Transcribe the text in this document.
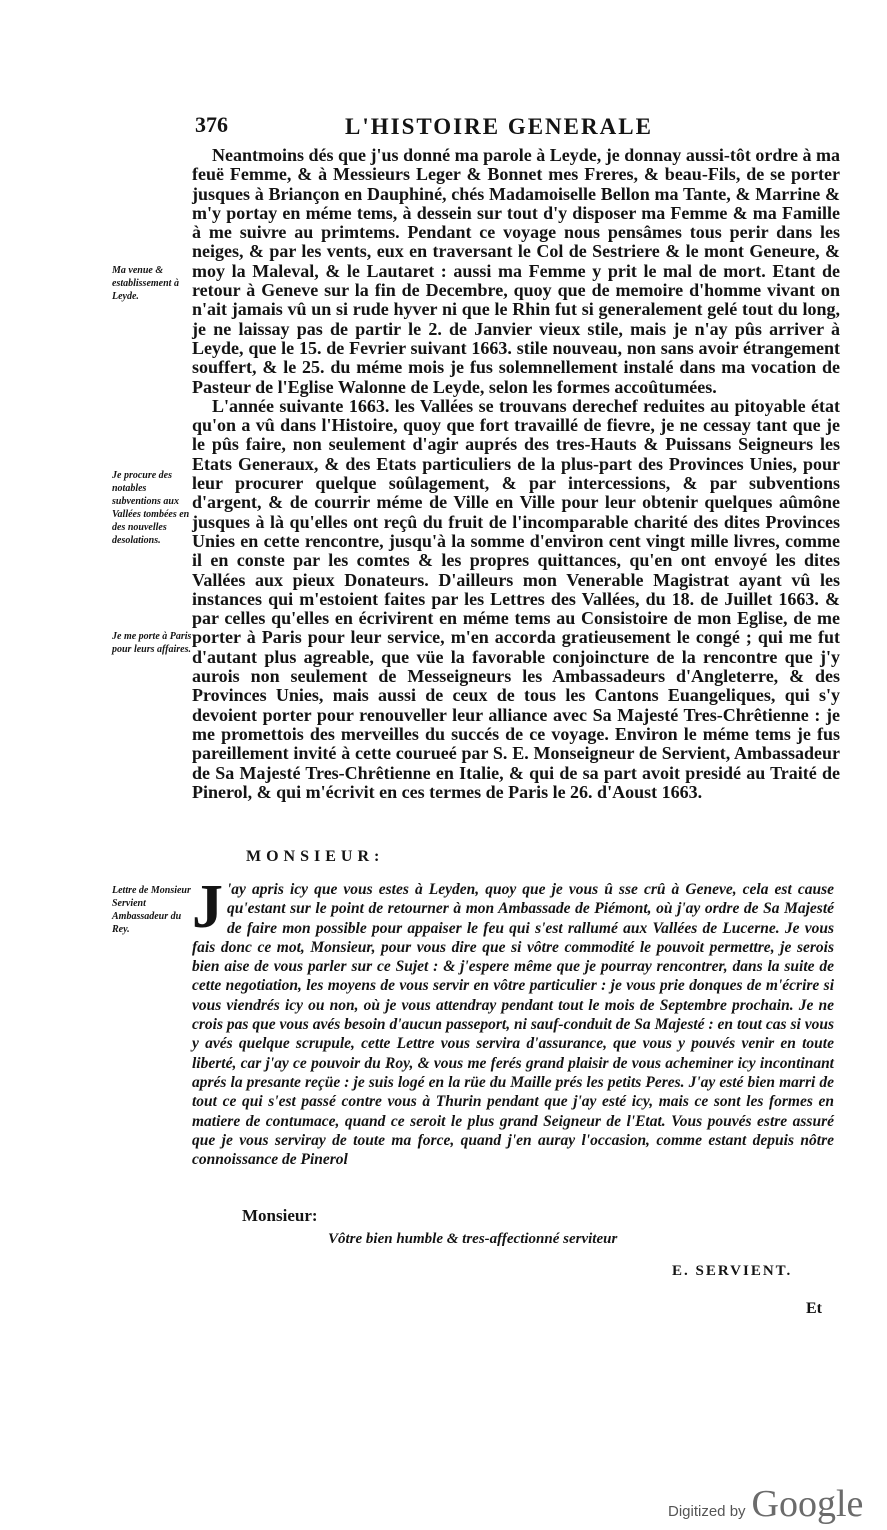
376	L'HISTOIRE GENERALE

Neantmoins dés que j'us donné ma parole à Leyde, je donnay aussi-tôt ordre à ma feuë Femme, & à Messieurs Leger & Bonnet mes Freres, & beau-Fils, de se porter jusques à Briançon en Dauphiné, chés Madamoiselle Bellon ma Tante, & Marrine & m'y portay en méme tems, à dessein sur tout d'y disposer ma Femme & ma Famille à me suivre au primtems. Pendant ce voyage nous pensâmes tous perir dans les neiges, & par les vents, eux en traversant le Col de Sestriere & le mont Geneure, & moy la Maleval, & le Lautaret : aussi ma Femme y prit le mal de mort. Etant de retour à Geneve sur la fin de Decembre, quoy que de memoire d'homme vivant on n'ait jamais vû un si rude hyver ni que le Rhin fut si generalement gelé tout du long, je ne laissay pas de partir le 2. de Janvier vieux stile, mais je n'ay pûs arriver à Leyde, que le 15. de Fevrier suivant 1663. stile nouveau, non sans avoir étrangement souffert, & le 25. du méme mois je fus solemnellement instalé dans ma vocation de Pasteur de l'Eglise Walonne de Leyde, selon les formes accoûtumées.

L'année suivante 1663. les Vallées se trouvans derechef reduites au pitoyable état qu'on a vû dans l'Histoire, quoy que fort travaillé de fievre, je ne cessay tant que je le pûs faire, non seulement d'agir auprés des tres-Hauts & Puissans Seigneurs les Etats Generaux, & des Etats particuliers de la plus-part des Provinces Unies, pour leur procurer quelque soûlagement, & par intercessions, & par subventions d'argent, & de courrir méme de Ville en Ville pour leur obtenir quelques aûmône jusques à là qu'elles ont reçû du fruit de l'incomparable charité des dites Provinces Unies en cette rencontre, jusqu'à la somme d'environ cent vingt mille livres, comme il en conste par les comtes & les propres quittances, qu'en ont envoyé les dites Vallées aux pieux Donateurs. D'ailleurs mon Venerable Magistrat ayant vû les instances qui m'estoient faites par les Lettres des Vallées, du 18. de Juillet 1663. & par celles qu'elles en écrivirent en méme tems au Consistoire de mon Eglise, de me porter à Paris pour leur service, m'en accorda gratieusement le congé ; qui me fut d'autant plus agreable, que vüe la favorable conjoincture de la rencontre que j'y aurois non seulement de Messeigneurs les Ambassadeurs d'Angleterre, & des Provinces Unies, mais aussi de ceux de tous les Cantons Euangeliques, qui s'y devoient porter pour renouveller leur alliance avec Sa Majesté Tres-Chrêtienne : je me promettois des merveilles du succés de ce voyage. Environ le méme tems je fus pareillement invité à cette courueé par S. E. Monseigneur de Servient, Ambassadeur de Sa Majesté Tres-Chrêtienne en Italie, & qui de sa part avoit presidé au Traité de Pinerol, & qui m'écrivit en ces termes de Paris le 26. d'Aoust 1663.

Ma venue & establissement à Leyde.
Je procure des notables subventions aux Vallées tombées en des nouvelles desolations.
Je me porte à Paris pour leurs affaires.
Lettre de Monsieur Servient Ambassadeur du Rey.
MONSIEUR:
J 'ay apris icy que vous estes à Leyden, quoy que je vous û sse crû à Geneve, cela est cause qu'estant sur le point de retourner à mon Ambassade de Piémont, où j'ay ordre de Sa Majesté de faire mon possible pour appaiser le feu qui s'est rallumé aux Vallées de Lucerne. Je vous fais donc ce mot, Monsieur, pour vous dire que si vôtre commodité le pouvoit permettre, je serois bien aise de vous parler sur ce Sujet : & j'espere même que je pourray rencontrer, dans la suite de cette negotiation, les moyens de vous servir en vôtre particulier : je vous prie donques de m'écrire si vous viendrés icy ou non, où je vous attendray pendant tout le mois de Septembre prochain. Je ne crois pas que vous avés besoin d'aucun passeport, ni sauf-conduit de Sa Majesté : en tout cas si vous y avés quelque scrupule, cette Lettre vous servira d'assurance, que vous y pouvés venir en toute liberté, car j'ay ce pouvoir du Roy, & vous me ferés grand plaisir de vous acheminer icy incontinant aprés la presante reçüe : je suis logé en la rüe du Maille prés les petits Peres. J'ay esté bien marri de tout ce qui s'est passé contre vous à Thurin pendant que j'ay esté icy, mais ce sont les formes en matiere de contumace, quand ce seroit le plus grand Seigneur de l'Etat. Vous pouvés estre assuré que je vous serviray de toute ma force, quand j'en auray l'occasion, comme estant depuis nôtre connoissance de Pinerol
Monsieur:
Vôtre bien humble & tres-affectionné serviteur
E. SERVIENT.
Et
Digitized by Google
